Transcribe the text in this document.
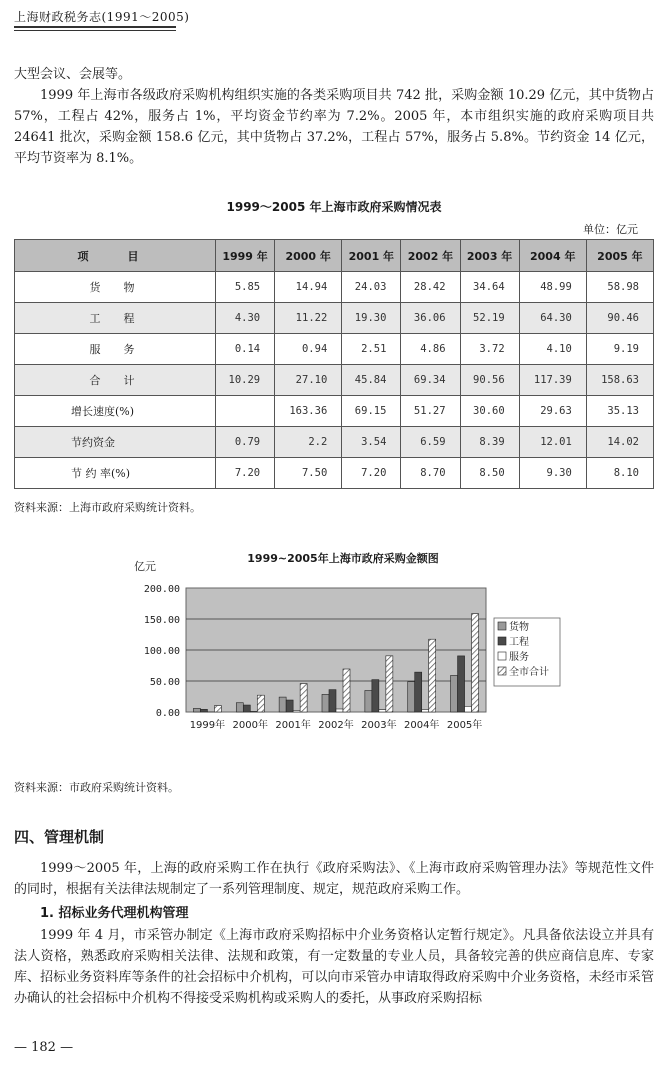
上海财政税务志(1991～2005)
大型会议、会展等。
1999 年上海市各级政府采购机构组织实施的各类采购项目共 742 批，采购金额 10.29 亿元，其中货物占 57%，工程占 42%，服务占 1%，平均资金节约率为 7.2%。2005 年，本市组织实施的政府采购项目共 24641 批次，采购金额 158.6 亿元，其中货物占 37.2%，工程占 57%，服务占 5.8%。节约资金 14 亿元，平均节资率为 8.1%。
1999～2005 年上海市政府采购情况表
单位：亿元
项　目	1999 年	2000 年	2001 年	2002 年	2003 年	2004 年	2005 年
货　物	5.85	14.94	24.03	28.42	34.64	48.99	58.98
工　程	4.30	11.22	19.30	36.06	52.19	64.30	90.46
服　务	0.14	0.94	2.51	4.86	3.72	4.10	9.19
合　计	10.29	27.10	45.84	69.34	90.56	117.39	158.63
增长速度(%)		163.36	69.15	51.27	30.60	29.63	35.13
节约资金	0.79	2.2	3.54	6.59	8.39	12.01	14.02
节 约 率(%)	7.20	7.50	7.20	8.70	8.50	9.30	8.10
资料来源：上海市政府采购统计资料。
1999~2005年上海市政府采购金额图
亿元
0.00
50.00
100.00
150.00
200.00
1999年 2000年 2001年 2002年 2003年 2004年 2005年
货物
工程
服务
全市合计
资料来源：市政府采购统计资料。
四、管理机制
1999～2005 年，上海的政府采购工作在执行《政府采购法》、《上海市政府采购管理办法》等规范性文件的同时，根据有关法律法规制定了一系列管理制度、规定，规范政府采购工作。
1. 招标业务代理机构管理
1999 年 4 月，市采管办制定《上海市政府采购招标中介业务资格认定暂行规定》。凡具备依法设立并具有法人资格，熟悉政府采购相关法律、法规和政策，有一定数量的专业人员，具备较完善的供应商信息库、专家库、招标业务资料库等条件的社会招标中介机构，可以向市采管办申请取得政府采购中介业务资格，未经市采管办确认的社会招标中介机构不得接受采购机构或采购人的委托，从事政府采购招标
— 182 —
